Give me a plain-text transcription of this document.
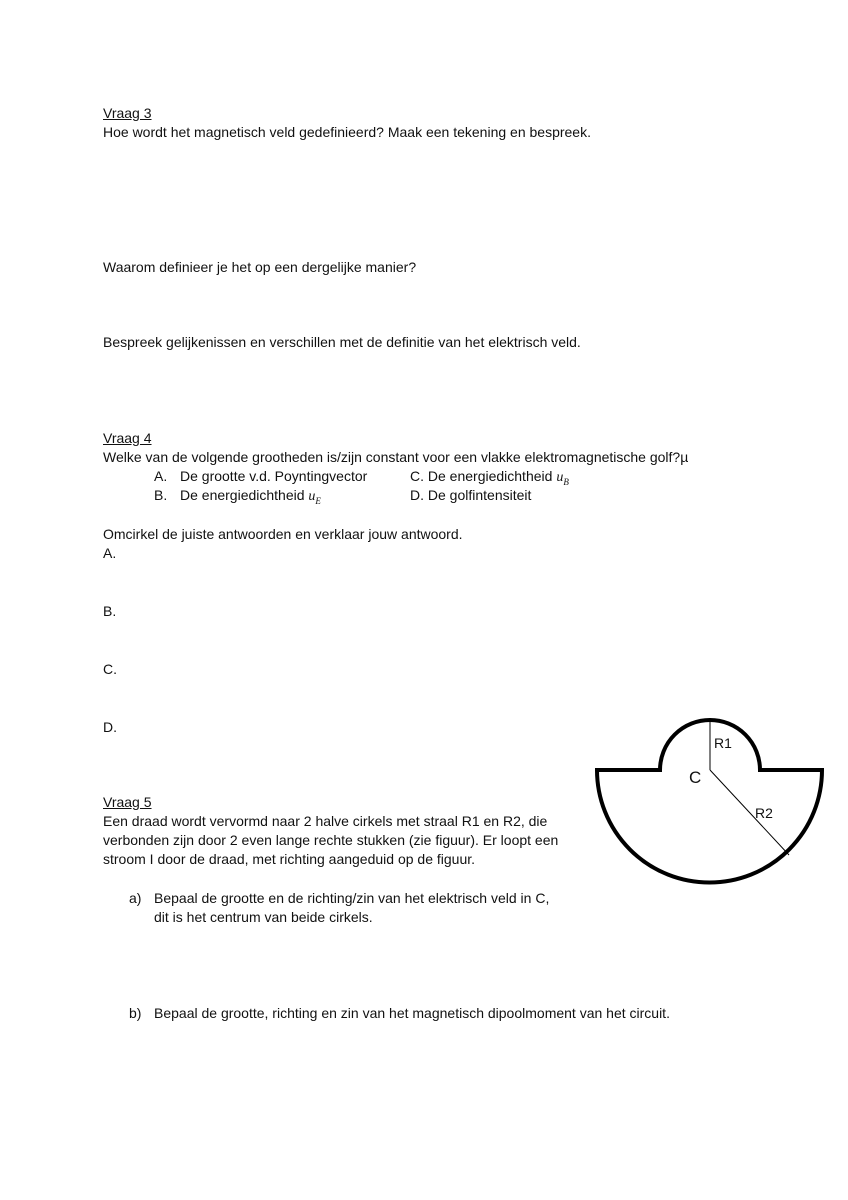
Vraag 3
Hoe wordt het magnetisch veld gedefinieerd? Maak een tekening en bespreek.
Waarom definieer je het op een dergelijke manier?
Bespreek gelijkenissen en verschillen met de definitie van het elektrisch veld.
Vraag 4
Welke van de volgende grootheden is/zijn constant voor een vlakke elektromagnetische golf?µ
A. De grootte v.d. Poyntingvector	C. De energiedichtheid $u_B$
B. De energiedichtheid $u_E$	D. De golfintensiteit
Omcirkel de juiste antwoorden en verklaar jouw antwoord.
A.
B.
C.
D.
Vraag 5
Een draad wordt vervormd naar 2 halve cirkels met straal R1 en R2, die
verbonden zijn door 2 even lange rechte stukken (zie figuur). Er loopt een
stroom I door de draad, met richting aangeduid op de figuur.
a) Bepaal de grootte en de richting/zin van het elektrisch veld in C,
dit is het centrum van beide cirkels.
b) Bepaal de grootte, richting en zin van het magnetisch dipoolmoment van het circuit.
R1
R2
C
